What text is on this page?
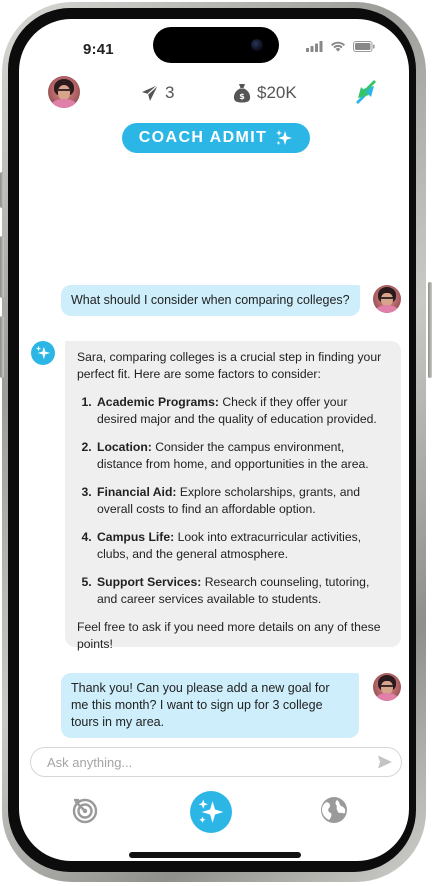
9:41
3	$ $20K
COACH ADMIT
What should I consider when comparing colleges?

Sara, comparing colleges is a crucial step in finding your perfect fit. Here are some factors to consider:

1. Academic Programs: Check if they offer your desired major and the quality of education provided.
2. Location: Consider the campus environment, distance from home, and opportunities in the area.
3. Financial Aid: Explore scholarships, grants, and overall costs to find an affordable option.
4. Campus Life: Look into extracurricular activities, clubs, and the general atmosphere.
5. Support Services: Research counseling, tutoring, and career services available to students.

Feel free to ask if you need more details on any of these points!

Thank you! Can you please add a new goal for me this month? I want to sign up for 3 college tours in my area.
Ask anything...
